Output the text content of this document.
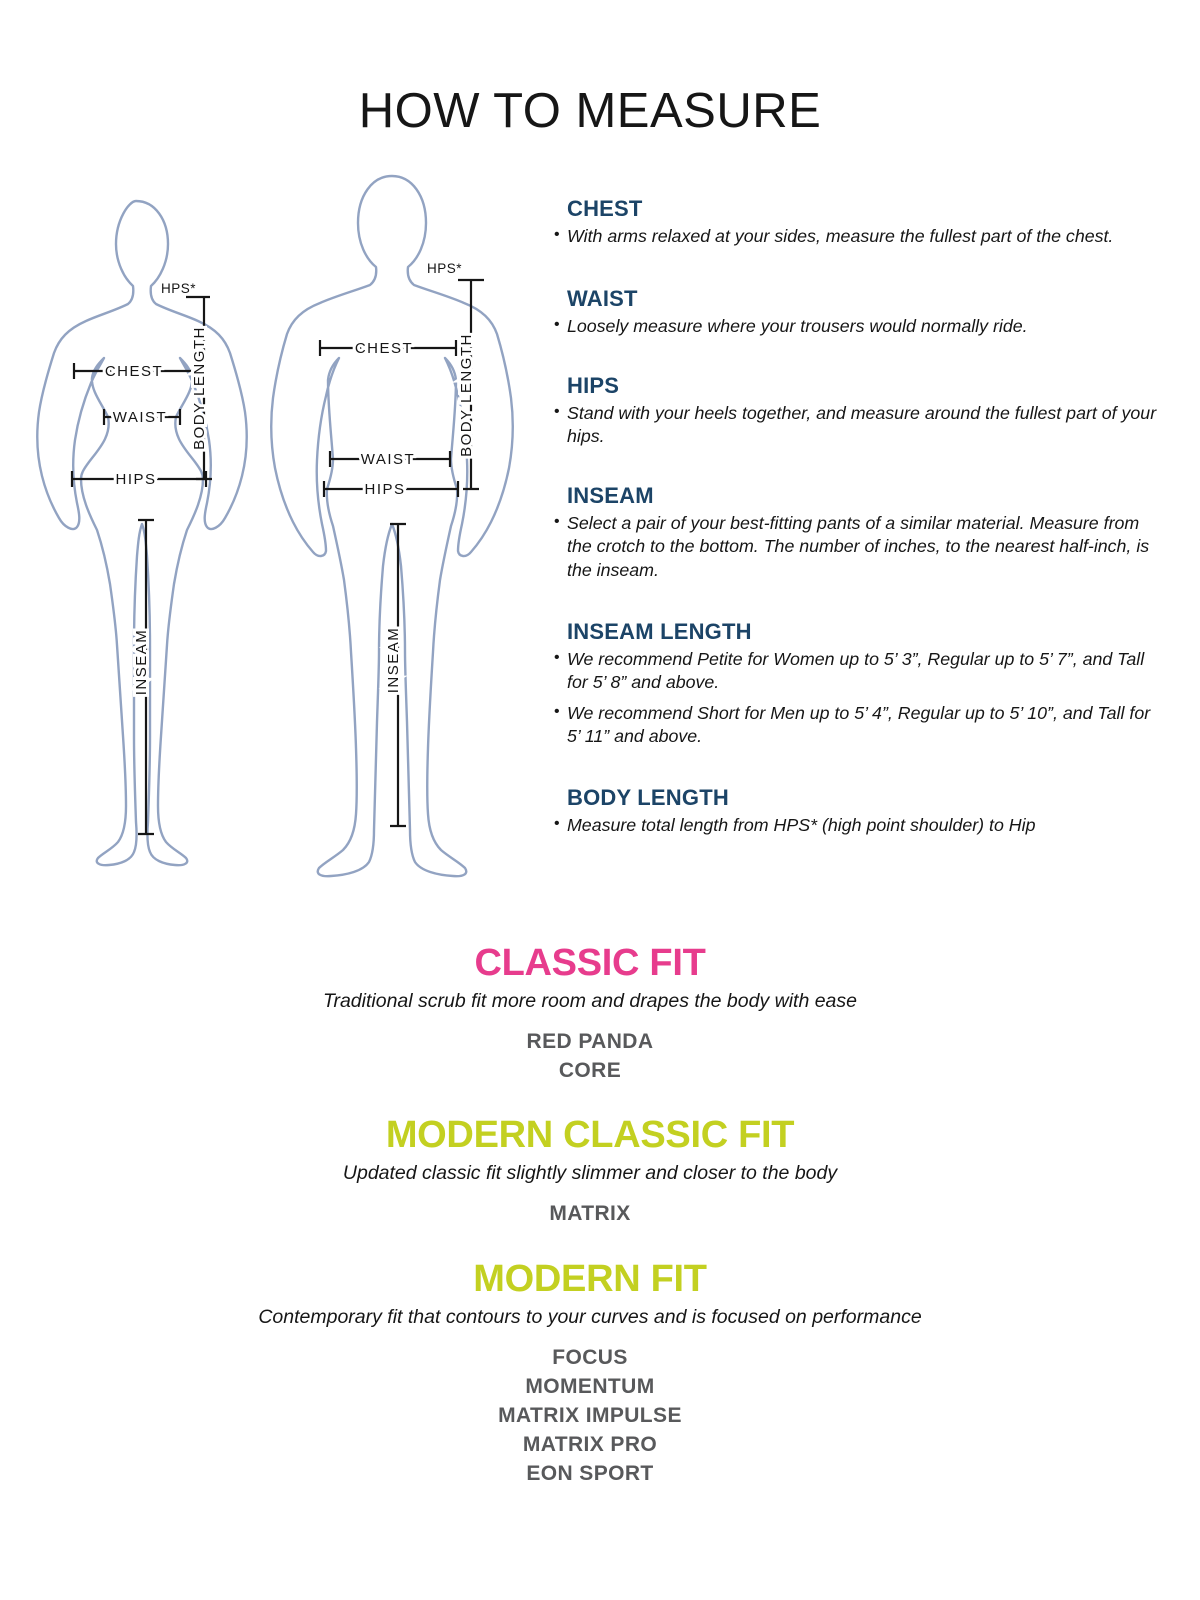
HOW TO MEASURE
CHEST
WAIST
HIPS
HPS*
BODY LENGTH
INSEAM
CHEST
WAIST
HIPS
HPS*
BODY LENGTH
INSEAM
CHEST
• With arms relaxed at your sides, measure the fullest part of the chest.
WAIST
• Loosely measure where your trousers would normally ride.
HIPS
• Stand with your heels together, and measure around the fullest part of your hips.
INSEAM
• Select a pair of your best-fitting pants of a similar material. Measure from the crotch to the bottom. The number of inches, to the nearest half-inch, is the inseam.
INSEAM LENGTH
• We recommend Petite for Women up to 5’ 3”, Regular up to 5’ 7”, and Tall for 5’ 8” and above.
• We recommend Short for Men up to 5’ 4”, Regular up to 5’ 10”, and Tall for 5’ 11” and above.
BODY LENGTH
• Measure total length from HPS* (high point shoulder) to Hip
CLASSIC FIT

Traditional scrub fit more room and drapes the body with ease

RED PANDA
CORE
MODERN CLASSIC FIT

Updated classic fit slightly slimmer and closer to the body

MATRIX
MODERN FIT

Contemporary fit that contours to your curves and is focused on performance

FOCUS
MOMENTUM
MATRIX IMPULSE
MATRIX PRO
EON SPORT
